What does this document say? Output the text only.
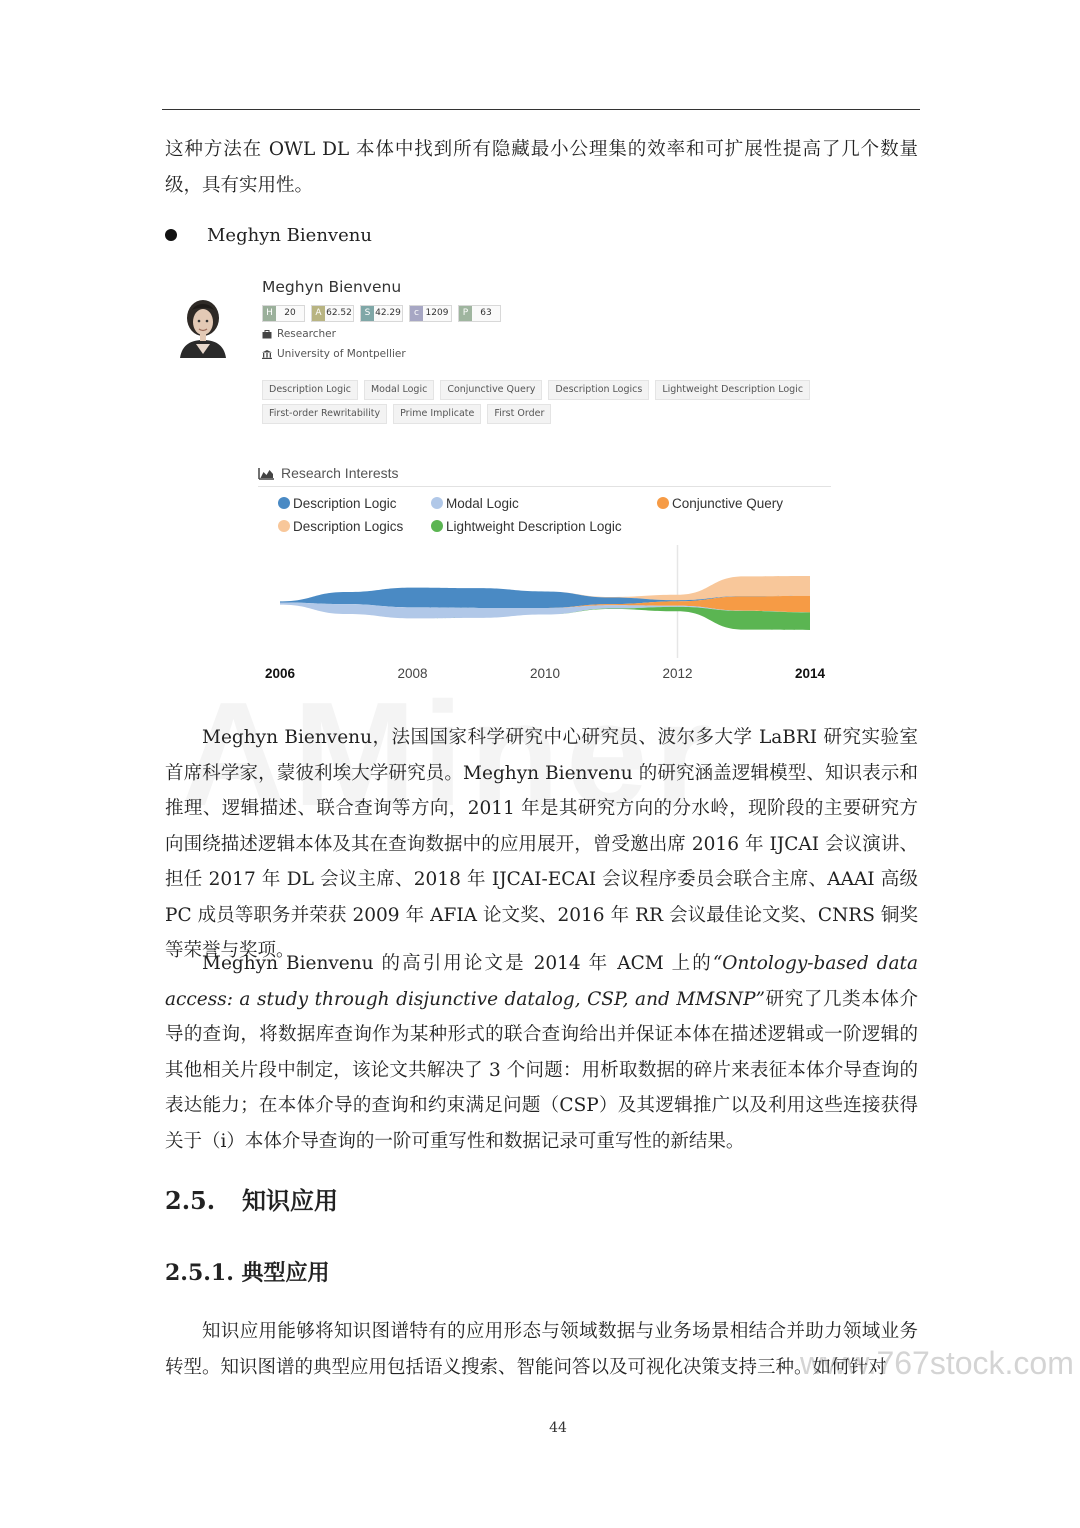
这种方法在 OWL DL 本体中找到所有隐藏最小公理集的效率和可扩展性提高了几个数量级，具有实用性。

Meghyn Bienvenu
Meghyn Bienvenu
H	20	A 62.52	S 42.29	c 1209	P	63
Researcher
University of Montpellier
Description Logic	Modal Logic	Conjunctive Query	Description Logics	Lightweight Description Logic
First-order Rewritability	Prime Implicate	First Order
Research Interests
Description Logic	Modal Logic	Conjunctive Query
Description Logics	Lightweight Description Logic
2006	2008	2010	2012	2014

Meghyn Bienvenu，法国国家科学研究中心研究员、波尔多大学 LaBRI 研究实验室首席科学家，蒙彼利埃大学研究员。Meghyn Bienvenu 的研究涵盖逻辑模型、知识表示和推理、逻辑描述、联合查询等方向，2011 年是其研究方向的分水岭，现阶段的主要研究方向围绕描述逻辑本体及其在查询数据中的应用展开，曾受邀出席 2016 年 IJCAI 会议演讲、担任 2017 年 DL 会议主席、2018 年 IJCAI-ECAI 会议程序委员会联合主席、AAAI 高级 PC 成员等职务并荣获 2009 年 AFIA 论文奖、2016 年 RR 会议最佳论文奖、CNRS 铜奖等荣誉与奖项。

Meghyn Bienvenu 的高引用论文是 2014 年 ACM 上的“Ontology-based data access: a study through disjunctive datalog, CSP, and MMSNP”研究了几类本体介导的查询，将数据库查询作为某种形式的联合查询给出并保证本体在描述逻辑或一阶逻辑的其他相关片段中制定，该论文共解决了 3 个问题：用析取数据的碎片来表征本体介导查询的表达能力；在本体介导的查询和约束满足问题（CSP）及其逻辑推广以及利用这些连接获得关于（i）本体介导查询的一阶可重写性和数据记录可重写性的新结果。

2.5.	知识应用
2.5.1. 典型应用

知识应用能够将知识图谱特有的应用形态与领域数据与业务场景相结合并助力领域业务转型。知识图谱的典型应用包括语义搜索、智能问答以及可视化决策支持三种。如何针对

www.767stock.com
44
